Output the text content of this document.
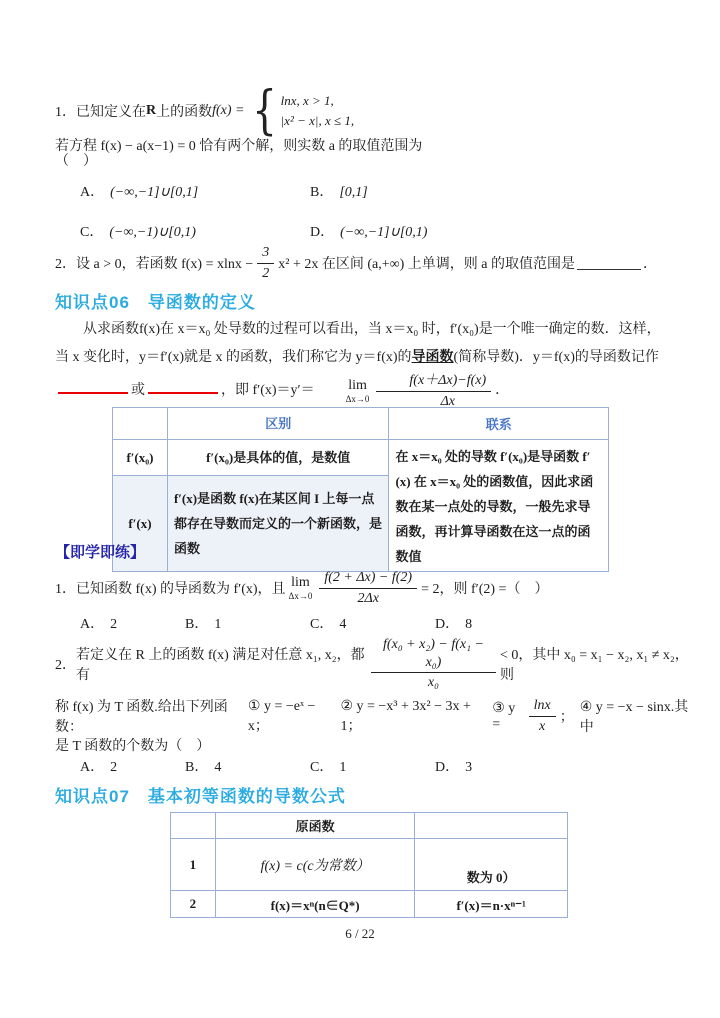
1． 已知定义在 R 上的函数 f(x) = { lnx, x > 1,
|x² − x|, x ≤ 1,
若方程 f(x) − a(x−1) = 0 恰有两个解，则实数 a 的取值范围为
（　）
A． (−∞,−1]∪[0,1]	B． [0,1]
C． (−∞,−1)∪[0,1)	D． (−∞,−1]∪[0,1)
2． 设 a > 0，若函数 $f(x) = xlnx - \frac{3}{2} x^2 + 2x$ 在区间 (a,+∞) 上单调，则 a 的取值范围是	．
知识点06　导函数的定义
从求函数f(x)在 x＝x₀ 处导数的过程可以看出，当 x＝x₀ 时，f′(x₀)是一个唯一确定的数．这样，当 x 变化时，y＝f′(x)就是 x 的函数，我们称它为 y＝f(x)的导函数(简称导数)．y＝f(x)的导函数记作或	，即 f′(x)＝y′＝	lim
$\Delta x\to 0 \frac{f(x+\Delta x)-f(x)}{\Delta x}$ ．
	区别	联系
f′(x₀)	f′(x₀)是具体的值，是数值	在 x＝x₀ 处的导数 f′(x₀)是导函数 f′(x) 在 x＝x₀ 处的函数值，因此求函数在某一点处的导数，一般先求导函数，再计算导函数在这一点的函数值
f′(x)	f′(x)是函数 f(x)在某区间 I 上每一点都存在导数而定义的一个新函数，是函数	
【即学即练】
1． 已知函数 f(x) 的导函数为 f′(x)，且 lim
$\Delta x\to 0 \frac{f(2 + \Delta x) - f(2)}{2\Delta x} = 2$，则 f′(2) =（　）
A． 2	B． 1	C． 4	D． 8
2．
若定义在 R 上的函数 f(x) 满足对任意 x₁, x₂，都有	$\frac{\text{f(x₀ + x₂) − f(x₁ − x₀)}}{\text{x₀}} < 0$，其中 x₀ = x₁ − x₂, x₁ ≠ x₂，则
称 f(x) 为 T 函数.给出下列函数：
① y = −eˣ − x；
② y = −x³ + 3x² − 3x + 1；
③ y =	$\frac{\ln x}{x}$ ；
④ y = −x − sinx.其中
是 T 函数的个数为（　）
A． 2	B． 4	C． 1	D． 3
知识点07　基本初等函数的导数公式
	原函数	
1	f(x) = c(c为常数）	数为 0）
2	f(x)＝xⁿ(n∈Q*)	f′(x)＝n·xⁿ⁻¹
6 / 22
